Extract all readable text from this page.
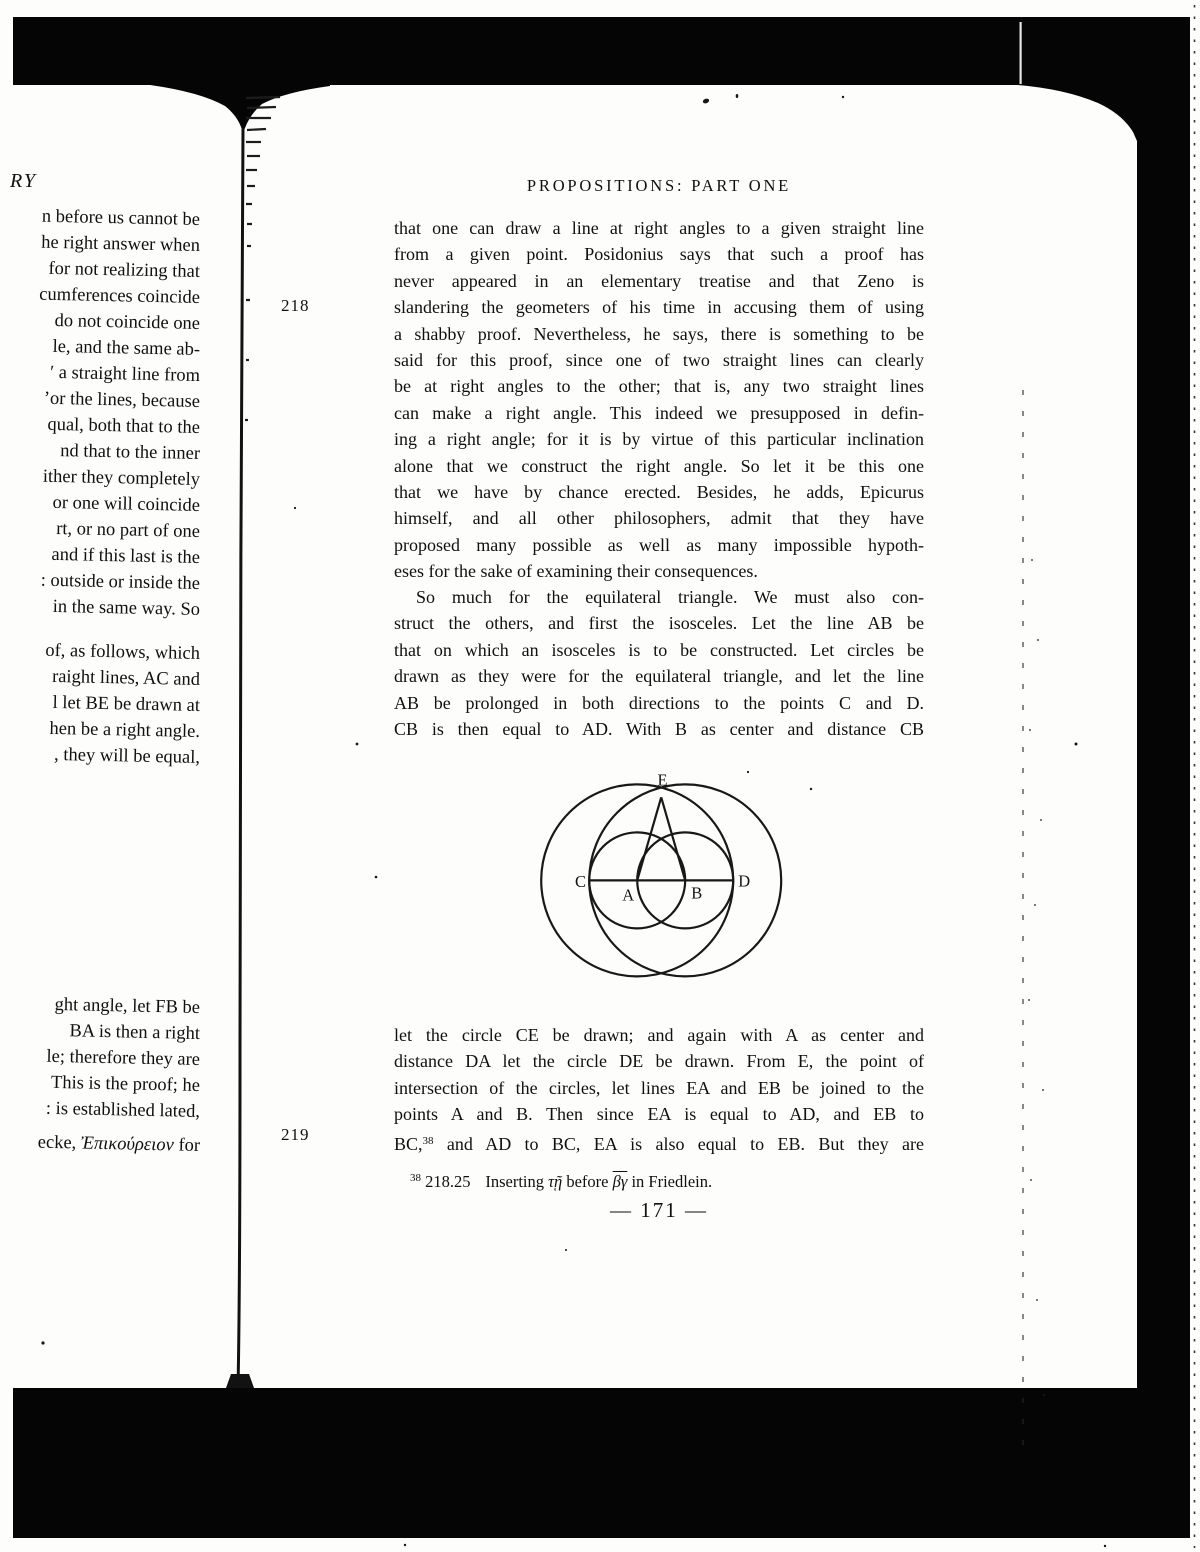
RY
n before us cannot be
he right answer when
for not realizing that
cumferences coincide
do not coincide one
le, and the same ab-
′ a straight line from
ʼor the lines, because
qual, both that to the
nd that to the inner
ither they completely
or one will coincide
rt, or no part of one
and if this last is the
: outside or inside the
in the same way. So
of, as follows, which
raight lines, AC and
l let BE be drawn at
hen be a right angle.
, they will be equal,
ght angle, let FB be
BA is then a right
le; therefore they are
This is the proof; he
: is established lated,
ecke, Ἐπικούρειον for
PROPOSITIONS: PART ONE
218
219
that one can draw a line at right angles to a given straight line
from a given point. Posidonius says that such a proof has
never appeared in an elementary treatise and that Zeno is
slandering the geometers of his time in accusing them of using
a shabby proof. Nevertheless, he says, there is something to be
said for this proof, since one of two straight lines can clearly
be at right angles to the other; that is, any two straight lines
can make a right angle. This indeed we presupposed in defin-
ing a right angle; for it is by virtue of this particular inclination
alone that we construct the right angle. So let it be this one
that we have by chance erected. Besides, he adds, Epicurus
himself, and all other philosophers, admit that they have
proposed many possible as well as many impossible hypoth-
eses for the sake of examining their consequences.
So much for the equilateral triangle. We must also con-
struct the others, and first the isosceles. Let the line AB be
that on which an isosceles is to be constructed. Let circles be
drawn as they were for the equilateral triangle, and let the line
AB be prolonged in both directions to the points C and D.
CB is then equal to AD. With B as center and distance CB
E
C
A	B
D
let the circle CE be drawn; and again with A as center and
distance DA let the circle DE be drawn. From E, the point of
intersection of the circles, let lines EA and EB be joined to the
points A and B. Then since EA is equal to AD, and EB to
BC,$^{38}$ and AD to BC, EA is also equal to EB. But they are
$^{38}$ 218.25 Inserting τῇ before $\overline{\beta\gamma}$ in Friedlein.
— 171 —
